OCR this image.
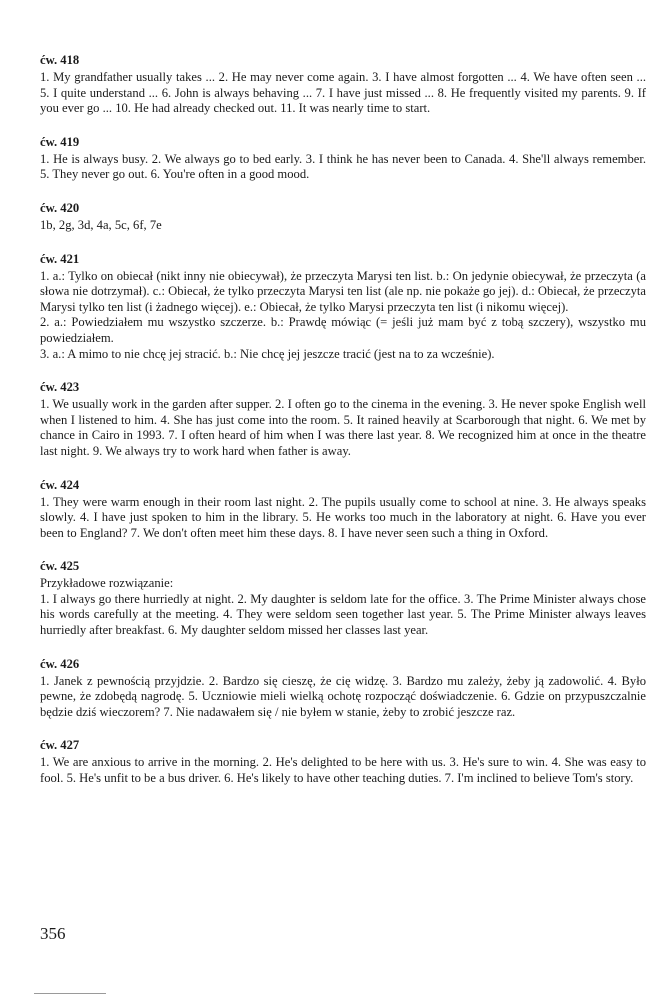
ćw. 418

1. My grandfather usually takes ... 2. He may never come again. 3. I have almost forgotten ... 4. We have often seen ... 5. I quite understand ... 6. John is always behaving ... 7. I have just missed ... 8. He frequently visited my parents. 9. If you ever go ... 10. He had already checked out. 11. It was nearly time to start.

ćw. 419

1. He is always busy. 2. We always go to bed early. 3. I think he has never been to Canada. 4. She'll always remember. 5. They never go out. 6. You're often in a good mood.

ćw. 420

1b, 2g, 3d, 4a, 5c, 6f, 7e

ćw. 421

1. a.: Tylko on obiecał (nikt inny nie obiecywał), że przeczyta Marysi ten list. b.: On jedynie obiecywał, że przeczyta (a słowa nie dotrzymał). c.: Obiecał, że tylko przeczyta Marysi ten list (ale np. nie pokaże go jej). d.: Obiecał, że przeczyta Marysi tylko ten list (i żadnego więcej). e.: Obiecał, że tylko Marysi przeczyta ten list (i nikomu więcej).

2. a.: Powiedziałem mu wszystko szczerze. b.: Prawdę mówiąc (= jeśli już mam być z tobą szczery), wszystko mu powiedziałem.

3. a.: A mimo to nie chcę jej stracić. b.: Nie chcę jej jeszcze tracić (jest na to za wcześnie).

ćw. 423

1. We usually work in the garden after supper. 2. I often go to the cinema in the evening. 3. He never spoke English well when I listened to him. 4. She has just come into the room. 5. It rained heavily at Scarborough that night. 6. We met by chance in Cairo in 1993. 7. I often heard of him when I was there last year. 8. We recognized him at once in the theatre last night. 9. We always try to work hard when father is away.

ćw. 424

1. They were warm enough in their room last night. 2. The pupils usually come to school at nine. 3. He always speaks slowly. 4. I have just spoken to him in the library. 5. He works too much in the laboratory at night. 6. Have you ever been to England? 7. We don't often meet him these days. 8. I have never seen such a thing in Oxford.

ćw. 425

Przykładowe rozwiązanie:

1. I always go there hurriedly at night. 2. My daughter is seldom late for the office. 3. The Prime Minister always chose his words carefully at the meeting. 4. They were seldom seen together last year. 5. The Prime Minister always leaves hurriedly after breakfast. 6. My daughter seldom missed her classes last year.

ćw. 426

1. Janek z pewnością przyjdzie. 2. Bardzo się cieszę, że cię widzę. 3. Bardzo mu zależy, żeby ją zadowolić. 4. Było pewne, że zdobędą nagrodę. 5. Uczniowie mieli wielką ochotę rozpocząć doświadczenie. 6. Gdzie on przypuszczalnie będzie dziś wieczorem? 7. Nie nadawałem się / nie byłem w stanie, żeby to zrobić jeszcze raz.

ćw. 427

1. We are anxious to arrive in the morning. 2. He's delighted to be here with us. 3. He's sure to win. 4. She was easy to fool. 5. He's unfit to be a bus driver. 6. He's likely to have other teaching duties. 7. I'm inclined to believe Tom's story.

356
